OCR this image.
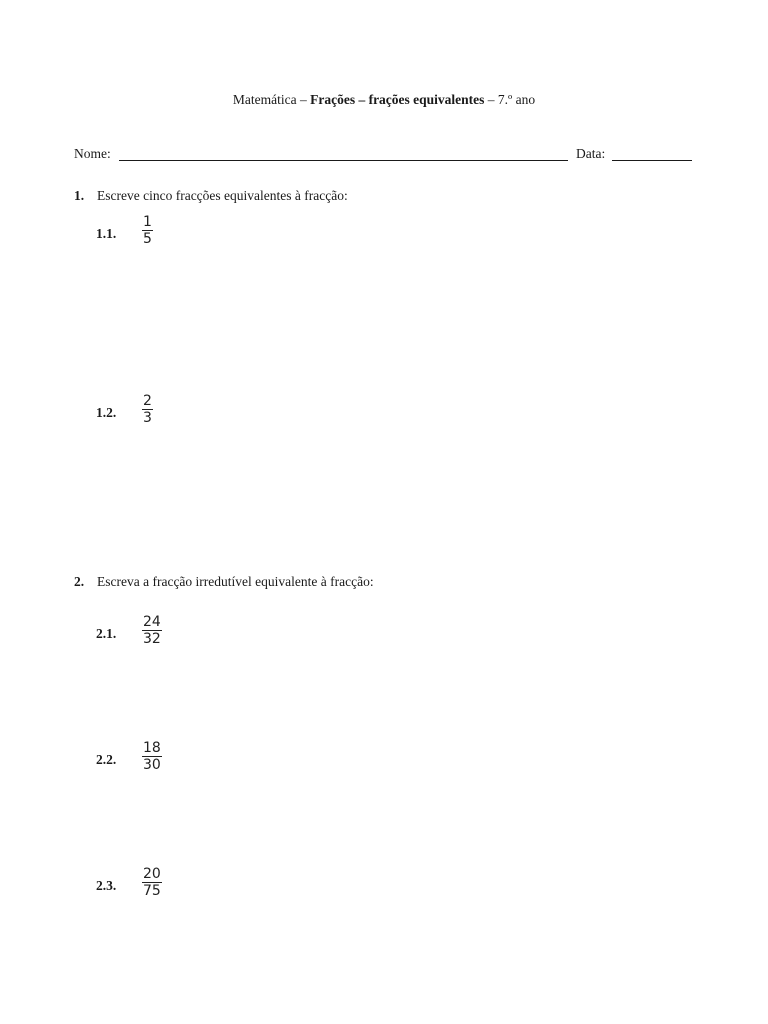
Matemática – Frações – frações equivalentes – 7.º ano
Nome:	Data:
1. Escreve cinco fracções equivalentes à fracção:
1.1.
1
5
1.2.
2
3
2. Escreva a fracção irredutível equivalente à fracção:
2.1.
24
32
2.2.
18
30
2.3.
20
75
